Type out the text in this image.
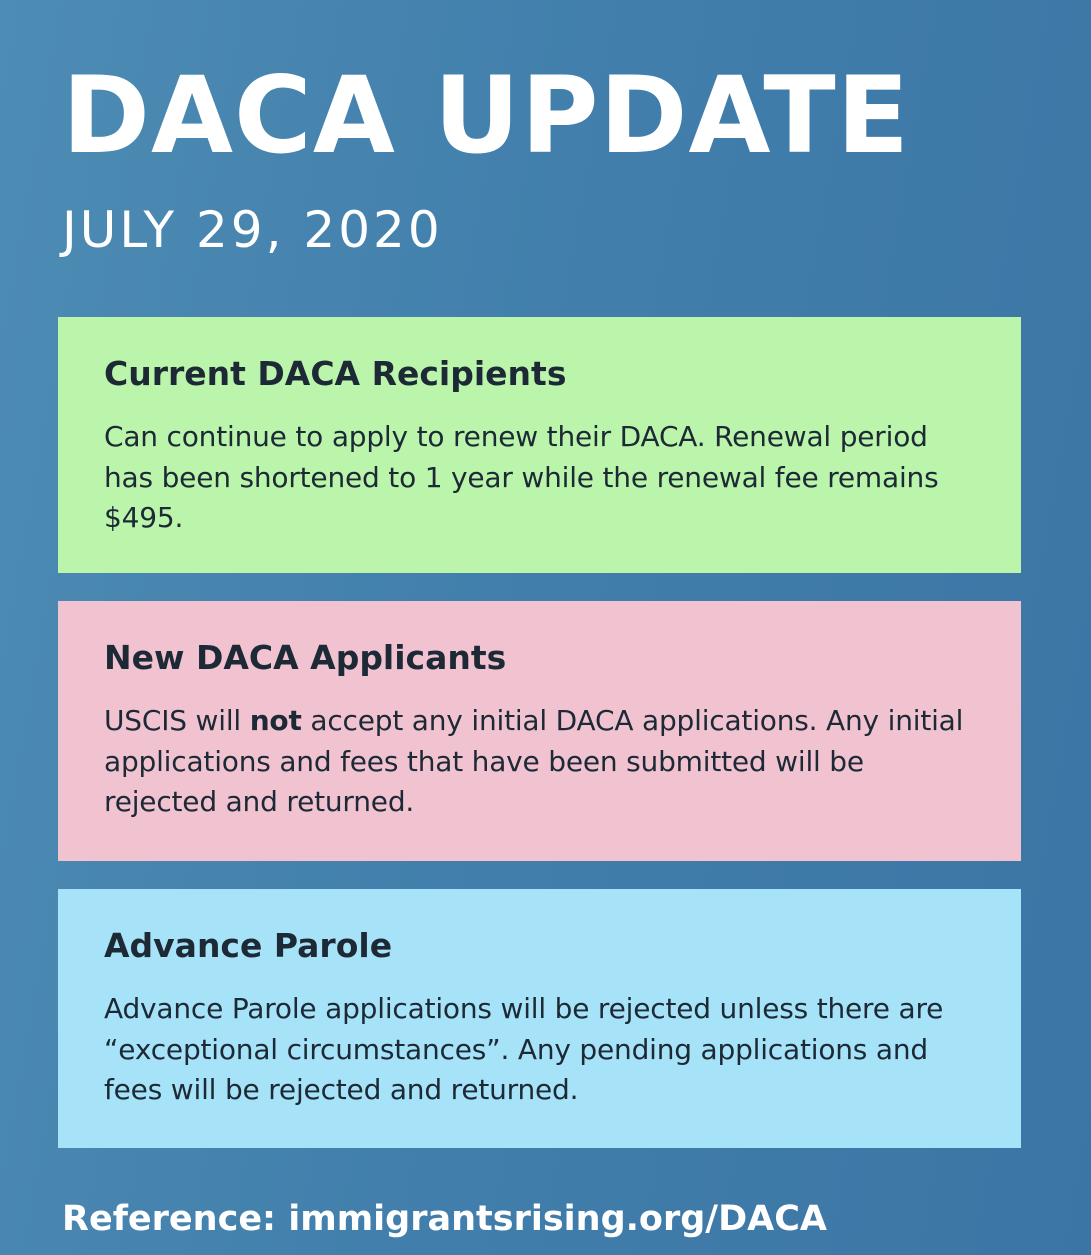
DACA UPDATE
JULY 29, 2020
Current DACA Recipients

Can continue to apply to renew their DACA. Renewal period has been shortened to 1 year while the renewal fee remains $495.

New DACA Applicants

USCIS will not accept any initial DACA applications. Any initial applications and fees that have been submitted will be rejected and returned.

Advance Parole

Advance Parole applications will be rejected unless there are “exceptional circumstances”. Any pending applications and fees will be rejected and returned.

Reference: immigrantsrising.org/DACA
